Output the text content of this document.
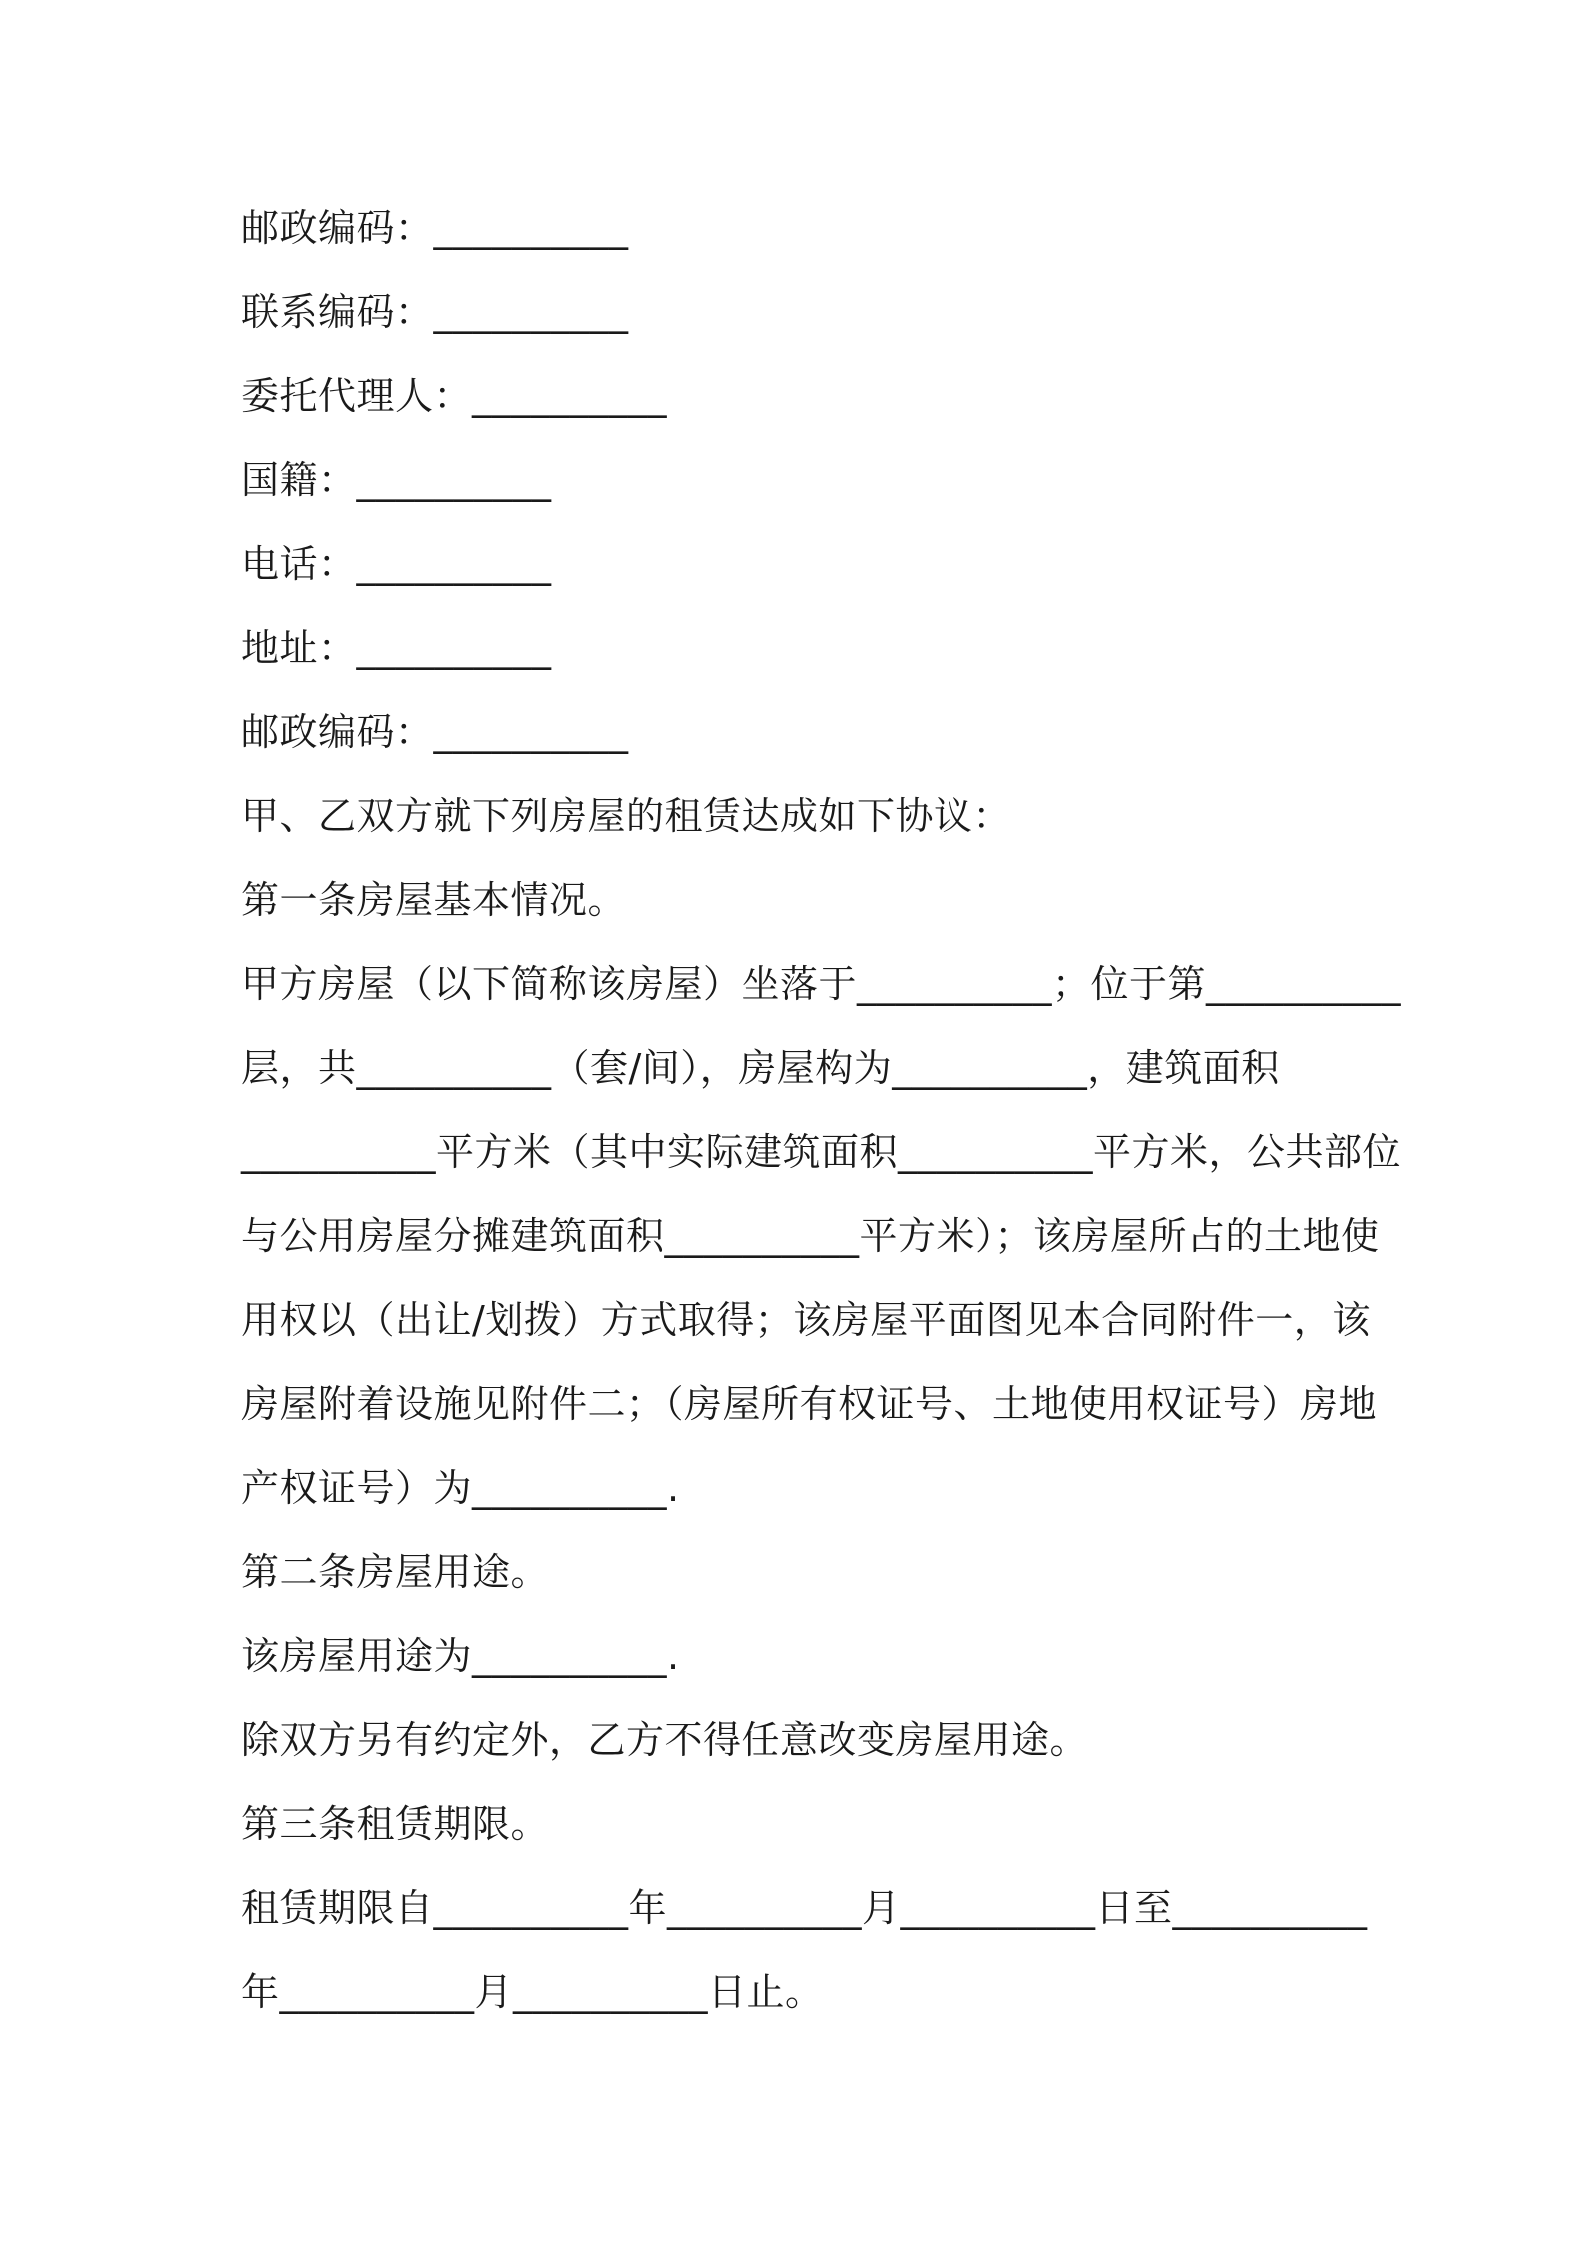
邮政编码：__________
联系编码：__________
委托代理人：__________
国籍：__________
电话：__________
地址：__________
邮政编码：__________
甲、乙双方就下列房屋的租赁达成如下协议：
第一条房屋基本情况。
甲方房屋（以下简称该房屋）坐落于__________；位于第__________
层，共__________（套/间），房屋构为__________，建筑面积
__________平方米（其中实际建筑面积__________平方米，公共部位
与公用房屋分摊建筑面积__________平方米）；该房屋所占的土地使
用权以（出让/划拨）方式取得；该房屋平面图见本合同附件一，该
房屋附着设施见附件二；（房屋所有权证号、土地使用权证号）房地
产权证号）为__________.
第二条房屋用途。
该房屋用途为__________.
除双方另有约定外，乙方不得任意改变房屋用途。
第三条租赁期限。
租赁期限自__________年__________月__________日至__________
年__________月__________日止。
